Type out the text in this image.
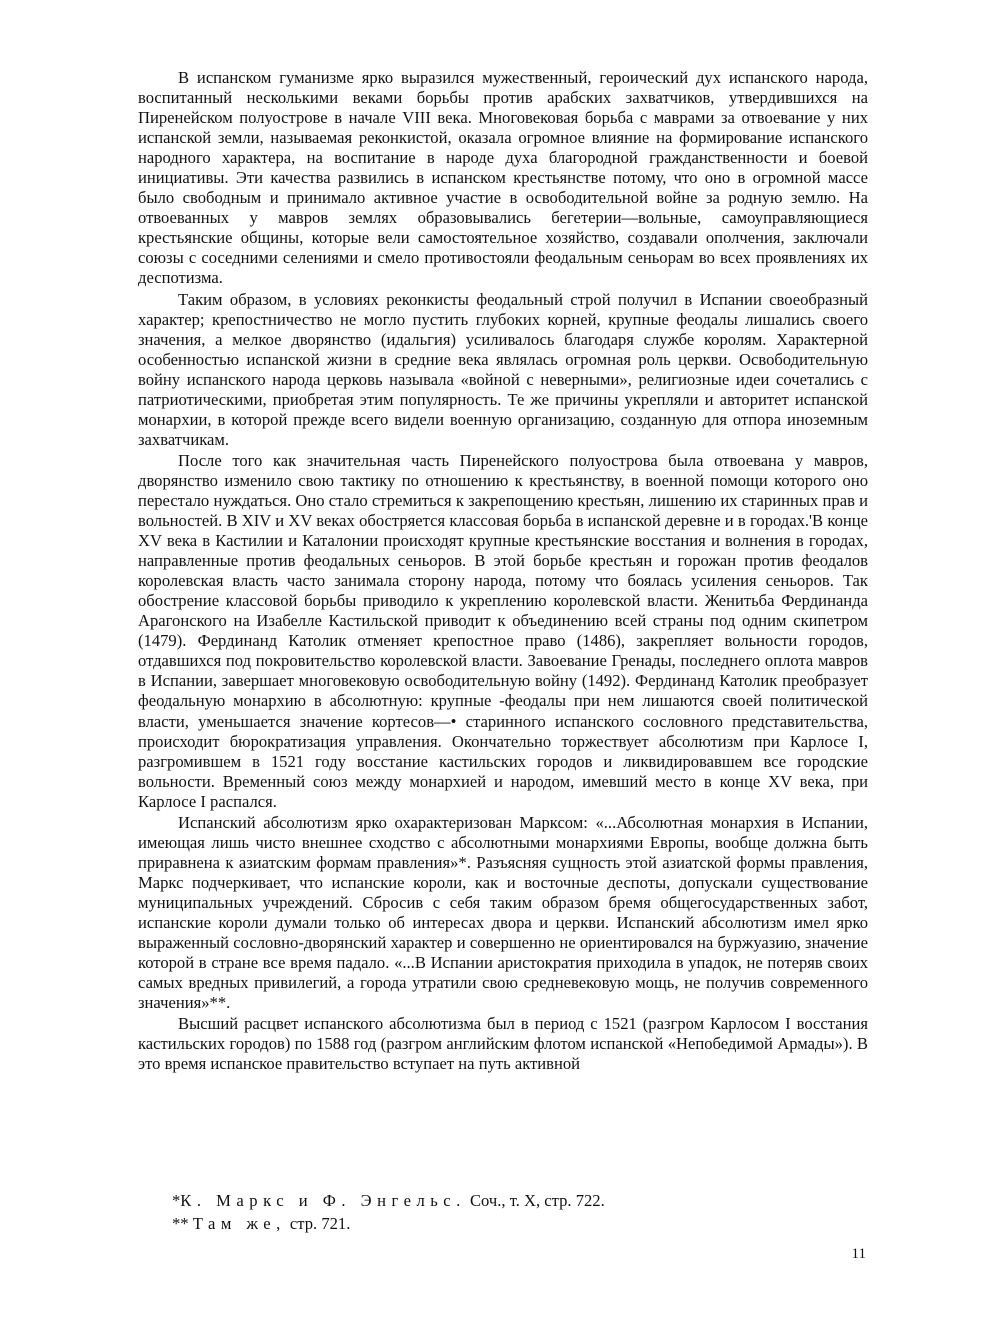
В испанском гуманизме ярко выразился мужественный, героический дух испанского народа, воспитанный несколькими веками борьбы против арабских захватчиков, утвердившихся на Пиренейском полуострове в начале VIII века. Многовековая борьба с маврами за отвоевание у них испанской земли, называемая реконкистой, оказала огромное влияние на формирование испанского народного характера, на воспитание в народе духа благородной гражданственности и боевой инициативы. Эти качества развились в испанском крестьянстве потому, что оно в огромной массе было свободным и принимало активное участие в освободительной войне за родную землю. На отвоеванных у мавров землях образовывались бегетерии—вольные, самоуправляющиеся крестьянские общины, которые вели самостоятельное хозяйство, создавали ополчения, заключали союзы с соседними селениями и смело противостояли феодальным сеньорам во всех проявлениях их деспотизма.

Таким образом, в условиях реконкисты феодальный строй получил в Испании своеобразный характер; крепостничество не могло пустить глубоких корней, крупные феодалы лишались своего значения, а мелкое дворянство (идальгия) усиливалось благодаря службе королям. Характерной особенностью испанской жизни в средние века являлась огромная роль церкви. Освободительную войну испанского народа церковь называла «войной с неверными», религиозные идеи сочетались с патриотическими, приобретая этим популярность. Те же причины укрепляли и авторитет испанской монархии, в которой прежде всего видели военную организацию, созданную для отпора иноземным захватчикам.

После того как значительная часть Пиренейского полуострова была отвоевана у мавров, дворянство изменило свою тактику по отношению к крестьянству, в военной помощи которого оно перестало нуждаться. Оно стало стремиться к закрепощению крестьян, лишению их старинных прав и вольностей. В XIV и XV веках обостряется классовая борьба в испанской деревне и в городах.'В конце XV века в Кастилии и Каталонии происходят крупные крестьянские восстания и волнения в городах, направленные против феодальных сеньоров. В этой борьбе крестьян и горожан против феодалов королевская власть часто занимала сторону народа, потому что боялась усиления сеньоров. Так обострение классовой борьбы приводило к укреплению королевской власти. Женитьба Фердинанда Арагонского на Изабелле Кастильской приводит к объединению всей страны под одним скипетром (1479). Фердинанд Католик отменяет крепостное право (1486), закрепляет вольности городов, отдавшихся под покровительство королевской власти. Завоевание Гренады, последнего оплота мавров в Испании, завершает многовековую освободительную войну (1492). Фердинанд Католик преобразует феодальную монархию в абсолютную: крупные -феодалы при нем лишаются своей политической власти, уменьшается значение кортесов—• старинного испанского сословного представительства, происходит бюрократизация управления. Окончательно торжествует абсолютизм при Карлосе I, разгромившем в 1521 году восстание кастильских городов и ликвидировавшем все городские вольности. Временный союз между монархией и народом, имевший место в конце XV века, при Карлосе I распался.

Испанский абсолютизм ярко охарактеризован Марксом: «...Абсолютная монархия в Испании, имеющая лишь чисто внешнее сходство с абсолютными монархиями Европы, вообще должна быть приравнена к азиатским формам правления»*. Разъясняя сущность этой азиатской формы правления, Маркс подчеркивает, что испанские короли, как и восточные деспоты, допускали существование муниципальных учреждений. Сбросив с себя таким образом бремя общегосударственных забот, испанские короли думали только об интересах двора и церкви. Испанский абсолютизм имел ярко выраженный сословно-дворянский характер и совершенно не ориентировался на буржуазию, значение которой в стране все время падало. «...В Испании аристократия приходила в упадок, не потеряв своих самых вредных привилегий, а города утратили свою средневековую мощь, не получив современного значения»**.

Высший расцвет испанского абсолютизма был в период с 1521 (разгром Карлосом I восстания кастильских городов) по 1588 год (разгром английским флотом испанской «Непобедимой Армады»). В это время испанское правительство вступает на путь активной

*К. Маркс и Ф. Энгельс. Соч., т. X, стр. 722.

** Там же, стр. 721.

11
